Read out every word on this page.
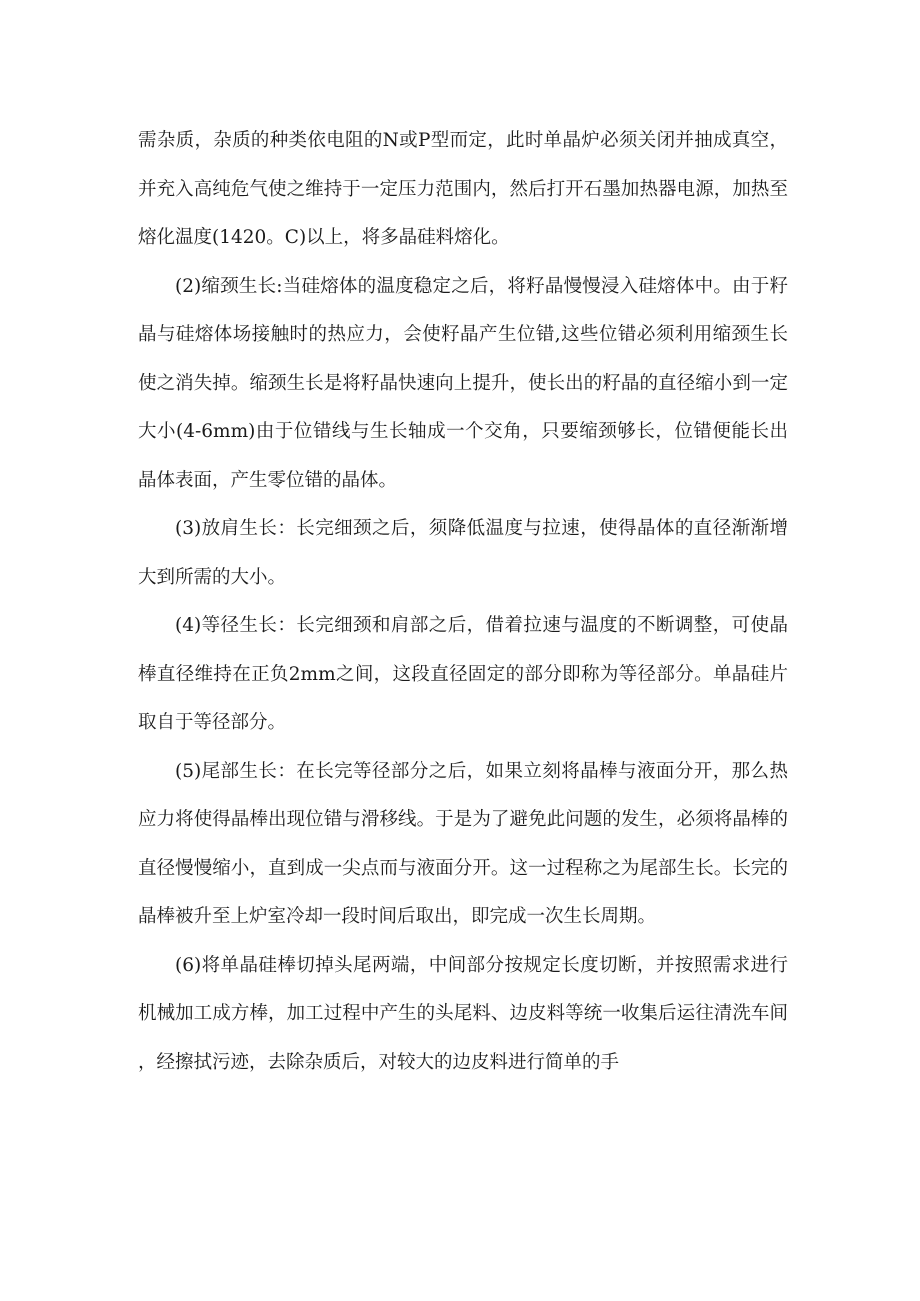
需杂质，杂质的种类依电阻的N或P型而定，此时单晶炉必须关闭并抽成真空，并充入高纯危气使之维持于一定压力范围内，然后打开石墨加热器电源，加热至熔化温度(1420。C)以上，将多晶硅料熔化。

(2)缩颈生长:当硅熔体的温度稳定之后，将籽晶慢慢浸入硅熔体中。由于籽晶与硅熔体场接触时的热应力，会使籽晶产生位错,这些位错必须利用缩颈生长使之消失掉。缩颈生长是将籽晶快速向上提升，使长出的籽晶的直径缩小到一定大小(4-6mm)由于位错线与生长轴成一个交角，只要缩颈够长，位错便能长出晶体表面，产生零位错的晶体。

(3)放肩生长：长完细颈之后，须降低温度与拉速，使得晶体的直径渐渐增大到所需的大小。

(4)等径生长：长完细颈和肩部之后，借着拉速与温度的不断调整，可使晶棒直径维持在正负2mm之间，这段直径固定的部分即称为等径部分。单晶硅片取自于等径部分。

(5)尾部生长：在长完等径部分之后，如果立刻将晶棒与液面分开，那么热应力将使得晶棒出现位错与滑移线。于是为了避免此问题的发生，必须将晶棒的直径慢慢缩小，直到成一尖点而与液面分开。这一过程称之为尾部生长。长完的晶棒被升至上炉室冷却一段时间后取出，即完成一次生长周期。

(6)将单晶硅棒切掉头尾两端，中间部分按规定长度切断，并按照需求进行机械加工成方棒，加工过程中产生的头尾料、边皮料等统一收集后运往清洗车间，经擦拭污迹，去除杂质后，对较大的边皮料进行简单的手
